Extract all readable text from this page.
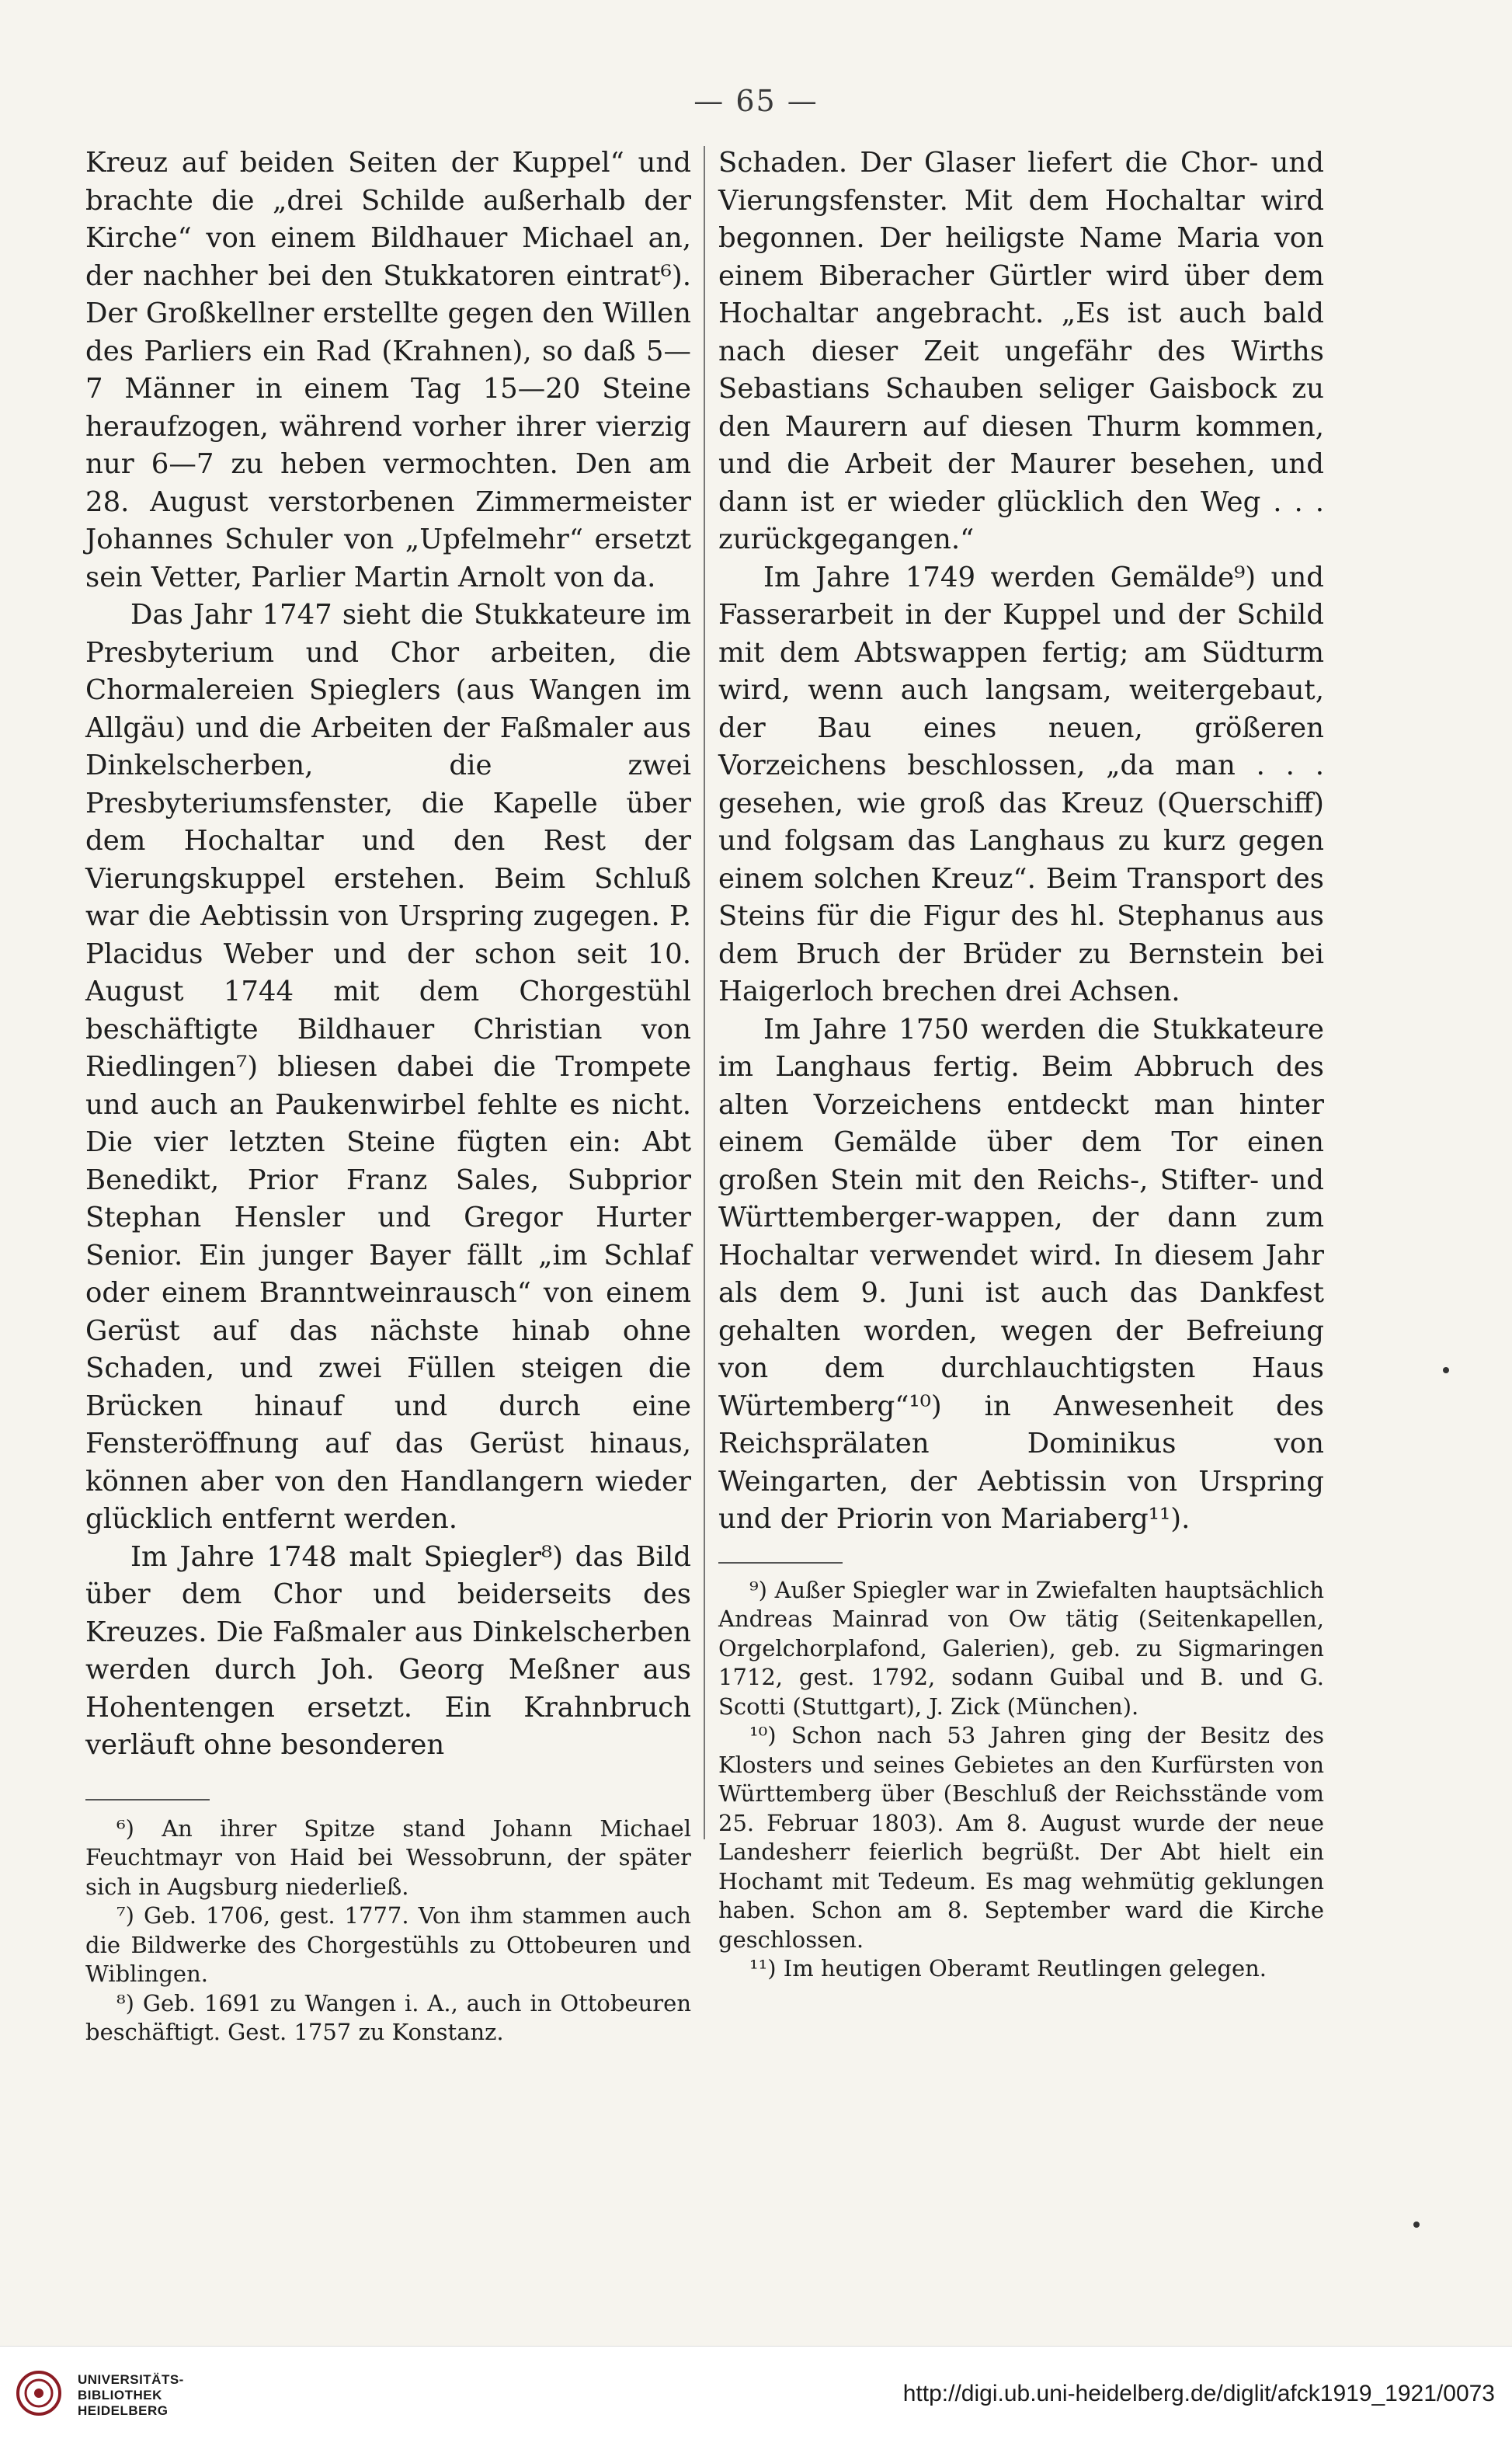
— 65 —

Kreuz auf beiden Seiten der Kuppel“ und brachte die „drei Schilde außerhalb der Kirche“ von einem Bildhauer Michael an, der nachher bei den Stukkatoren eintrat⁶). Der Großkellner erstellte gegen den Willen des Parliers ein Rad (Krahnen), so daß 5—7 Männer in einem Tag 15—20 Steine heraufzogen, während vorher ihrer vierzig nur 6—7 zu heben vermochten. Den am 28. August verstorbenen Zimmermeister Johannes Schuler von „Upfelmehr“ ersetzt sein Vetter, Parlier Martin Arnolt von da.

Das Jahr 1747 sieht die Stukkateure im Presbyterium und Chor arbeiten, die Chormalereien Spieglers (aus Wangen im Allgäu) und die Arbeiten der Faßmaler aus Dinkelscherben, die zwei Presbyteriumsfenster, die Kapelle über dem Hochaltar und den Rest der Vierungskuppel erstehen. Beim Schluß war die Aebtissin von Urspring zugegen. P. Placidus Weber und der schon seit 10. August 1744 mit dem Chorgestühl beschäftigte Bildhauer Christian von Riedlingen⁷) bliesen dabei die Trompete und auch an Paukenwirbel fehlte es nicht. Die vier letzten Steine fügten ein: Abt Benedikt, Prior Franz Sales, Subprior Stephan Hensler und Gregor Hurter Senior. Ein junger Bayer fällt „im Schlaf oder einem Branntweinrausch“ von einem Gerüst auf das nächste hinab ohne Schaden, und zwei Füllen steigen die Brücken hinauf und durch eine Fensteröffnung auf das Gerüst hinaus, können aber von den Handlangern wieder glücklich entfernt werden.

Im Jahre 1748 malt Spiegler⁸) das Bild über dem Chor und beiderseits des Kreuzes. Die Faßmaler aus Dinkelscherben werden durch Joh. Georg Meßner aus Hohentengen ersetzt. Ein Krahnbruch verläuft ohne besonderen

⁶) An ihrer Spitze stand Johann Michael Feuchtmayr von Haid bei Wessobrunn, der später sich in Augsburg niederließ.

⁷) Geb. 1706, gest. 1777. Von ihm stammen auch die Bildwerke des Chorgestühls zu Ottobeuren und Wiblingen.

⁸) Geb. 1691 zu Wangen i. A., auch in Ottobeuren beschäftigt. Gest. 1757 zu Konstanz.

Schaden. Der Glaser liefert die Chor- und Vierungsfenster. Mit dem Hochaltar wird begonnen. Der heiligste Name Maria von einem Biberacher Gürtler wird über dem Hochaltar angebracht. „Es ist auch bald nach dieser Zeit ungefähr des Wirths Sebastians Schauben seliger Gaisbock zu den Maurern auf diesen Thurm kommen, und die Arbeit der Maurer besehen, und dann ist er wieder glücklich den Weg . . . zurückgegangen.“

Im Jahre 1749 werden Gemälde⁹) und Fasserarbeit in der Kuppel und der Schild mit dem Abtswappen fertig; am Südturm wird, wenn auch langsam, weitergebaut, der Bau eines neuen, größeren Vorzeichens beschlossen, „da man . . . gesehen, wie groß das Kreuz (Querschiff) und folgsam das Langhaus zu kurz gegen einem solchen Kreuz“. Beim Transport des Steins für die Figur des hl. Stephanus aus dem Bruch der Brüder zu Bernstein bei Haigerloch brechen drei Achsen.

Im Jahre 1750 werden die Stukkateure im Langhaus fertig. Beim Abbruch des alten Vorzeichens entdeckt man hinter einem Gemälde über dem Tor einen großen Stein mit den Reichs-, Stifter- und Württemberger-wappen, der dann zum Hochaltar verwendet wird. In diesem Jahr als dem 9. Juni ist auch das Dankfest gehalten worden, wegen der Befreiung von dem durchlauchtigsten Haus Würtemberg“¹⁰) in Anwesenheit des Reichsprälaten Dominikus von Weingarten, der Aebtissin von Urspring und der Priorin von Mariaberg¹¹).

⁹) Außer Spiegler war in Zwiefalten hauptsächlich Andreas Mainrad von Ow tätig (Seitenkapellen, Orgelchorplafond, Galerien), geb. zu Sigmaringen 1712, gest. 1792, sodann Guibal und B. und G. Scotti (Stuttgart), J. Zick (München).

¹⁰) Schon nach 53 Jahren ging der Besitz des Klosters und seines Gebietes an den Kurfürsten von Württemberg über (Beschluß der Reichsstände vom 25. Februar 1803). Am 8. August wurde der neue Landesherr feierlich begrüßt. Der Abt hielt ein Hochamt mit Tedeum. Es mag wehmütig geklungen haben. Schon am 8. September ward die Kirche geschlossen.

¹¹) Im heutigen Oberamt Reutlingen gelegen.

UNIVERSITÄTS-
BIBLIOTHEK
HEIDELBERG
http://digi.ub.uni-heidelberg.de/diglit/afck1919_1921/0073
